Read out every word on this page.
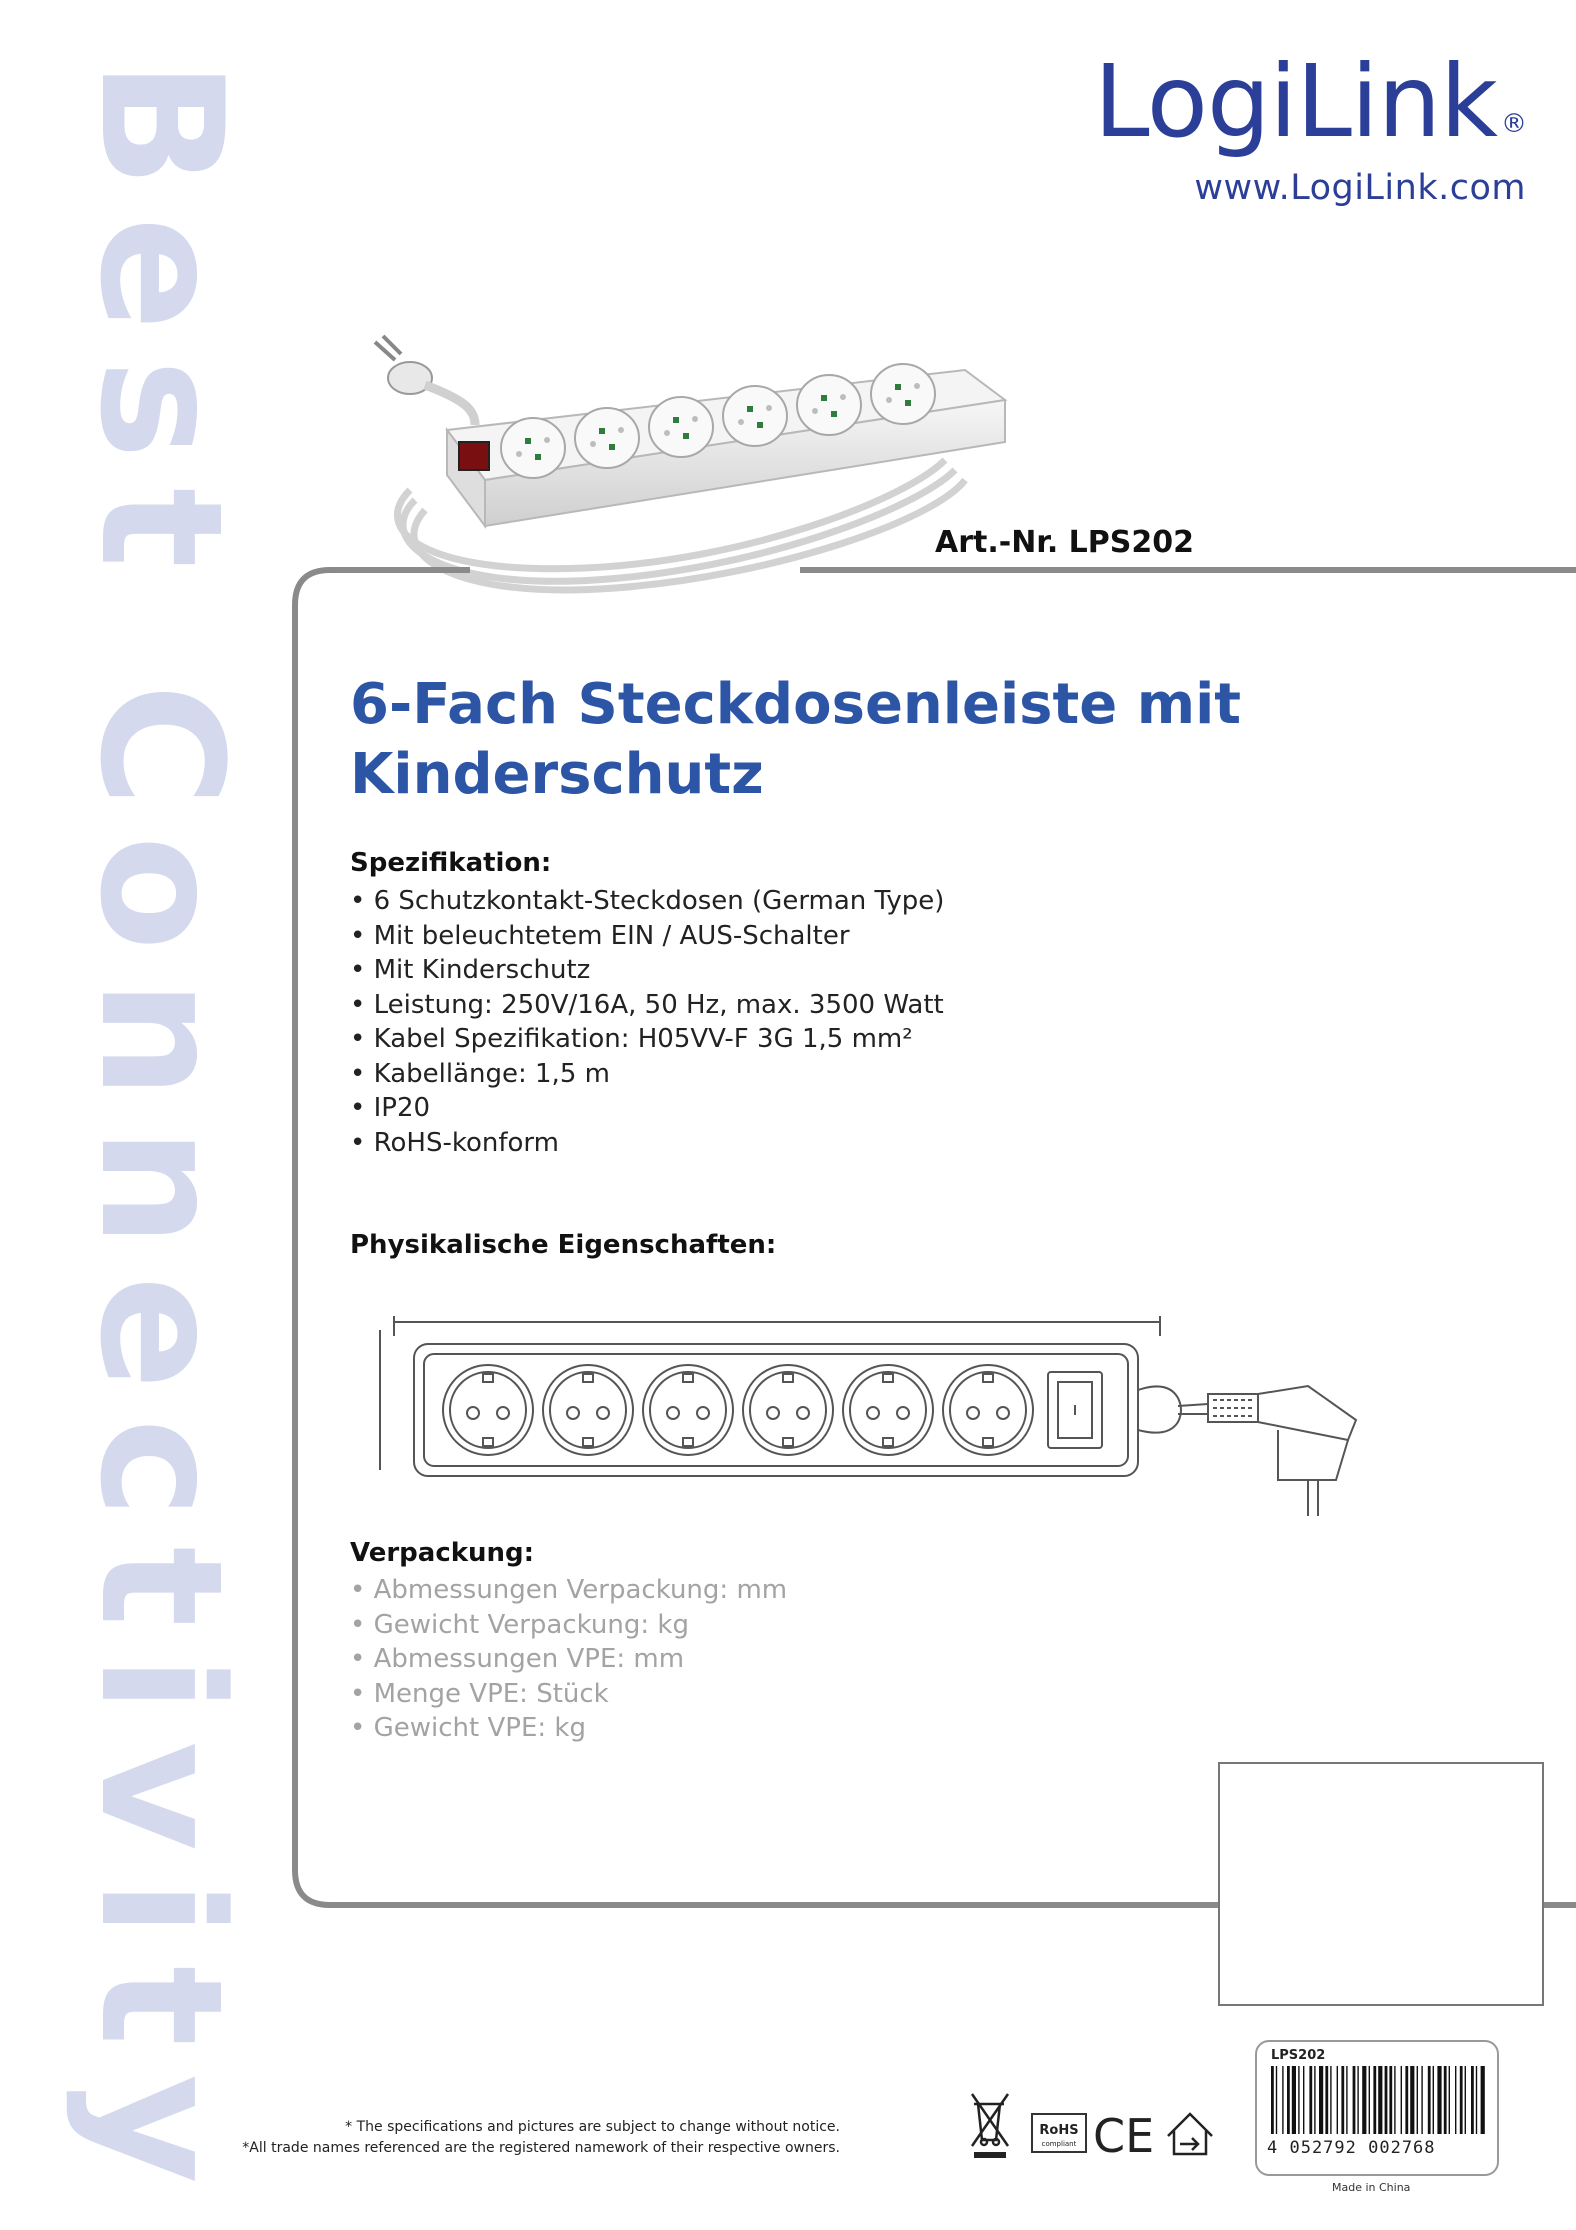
Best Connectivity
LogiLink ®
www.LogiLink.com
Art.-Nr. LPS202
6-Fach Steckdosenleiste mit
Kinderschutz
Spezifikation:
• 6 Schutzkontakt-Steckdosen (German Type)
• Mit beleuchtetem EIN / AUS-Schalter
• Mit Kinderschutz
• Leistung: 250V/16A, 50 Hz, max. 3500 Watt
• Kabel Spezifikation: H05VV-F 3G 1,5 mm²
• Kabellänge: 1,5 m
• IP20
• RoHS-konform
Physikalische Eigenschaften:
Verpackung:
• Abmessungen Verpackung: mm
• Gewicht Verpackung: kg
• Abmessungen VPE: mm
• Menge VPE: Stück
• Gewicht VPE: kg
* The specifications and pictures are subject to change without notice.
*All trade names referenced are the registered namework of their respective owners.
RoHS
compliant CE
LPS202
4 052792 002768
Made in China
